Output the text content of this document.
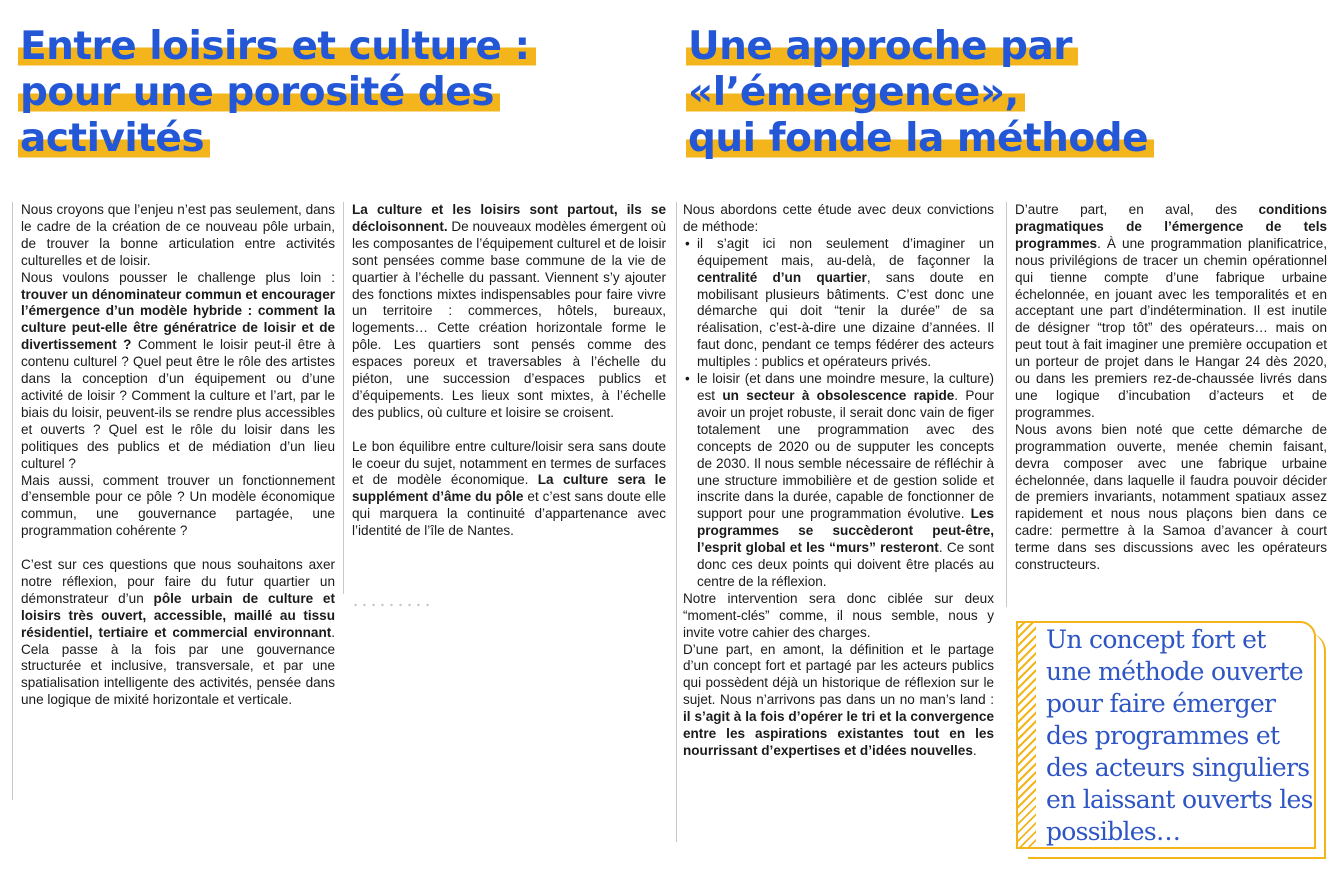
Entre loisirs et culture :
pour une porosité des
activités
Une approche par
«l’émergence»,
qui fonde la méthode

Nous croyons que l’enjeu n’est pas seulement, dans le cadre de la création de ce nouveau pôle urbain, de trouver la bonne articulation entre activités culturelles et de loisir.

Nous voulons pousser le challenge plus loin : trouver un dénominateur commun et encourager l’émergence d’un modèle hybride : comment la culture peut-elle être génératrice de loisir et de divertissement ? Comment le loisir peut-il être à contenu culturel ? Quel peut être le rôle des artistes dans la conception d’un équipement ou d’une activité de loisir ? Comment la culture et l’art, par le biais du loisir, peuvent-ils se rendre plus accessibles et ouverts ? Quel est le rôle du loisir dans les politiques des publics et de médiation d’un lieu culturel ?

Mais aussi, comment trouver un fonctionnement d’ensemble pour ce pôle ? Un modèle économique commun, une gouvernance partagée, une programmation cohérente ?

C’est sur ces questions que nous souhaitons axer notre réflexion, pour faire du futur quartier un démonstrateur d’un pôle urbain de culture et loisirs très ouvert, accessible, maillé au tissu résidentiel, tertiaire et commercial environnant. Cela passe à la fois par une gouvernance structurée et inclusive, transversale, et par une spatialisation intelligente des activités, pensée dans une logique de mixité horizontale et verticale.

La culture et les loisirs sont partout, ils se décloisonnent. De nouveaux modèles émergent où les composantes de l’équipement culturel et de loisir sont pensées comme base commune de la vie de quartier à l’échelle du passant. Viennent s’y ajouter des fonctions mixtes indispensables pour faire vivre un territoire : commerces, hôtels, bureaux, logements… Cette création horizontale forme le pôle. Les quartiers sont pensés comme des espaces poreux et traversables à l’échelle du piéton, une succession d’espaces publics et d’équipements. Les lieux sont mixtes, à l’échelle des publics, où culture et loisire se croisent.

Le bon équilibre entre culture/loisir sera sans doute le coeur du sujet, notamment en termes de surfaces et de modèle économique. La culture sera le supplément d’âme du pôle et c’est sans doute elle qui marquera la continuité d’appartenance avec l’identité de l’île de Nantes.

Nous abordons cette étude avec deux convictions de méthode:

• il s’agit ici non seulement d’imaginer un équipement mais, au-delà, de façonner la centralité d’un quartier, sans doute en mobilisant plusieurs bâtiments. C’est donc une démarche qui doit “tenir la durée” de sa réalisation, c’est-à-dire une dizaine d’années. Il faut donc, pendant ce temps fédérer des acteurs multiples : publics et opérateurs privés.
• le loisir (et dans une moindre mesure, la culture) est un secteur à obsolescence rapide. Pour avoir un projet robuste, il serait donc vain de figer totalement une programmation avec des concepts de 2020 ou de supputer les concepts de 2030. Il nous semble nécessaire de réfléchir à une structure immobilière et de gestion solide et inscrite dans la durée, capable de fonctionner de support pour une programmation évolutive. Les programmes se succèderont peut-être, l’esprit global et les “murs” resteront. Ce sont donc ces deux points qui doivent être placés au centre de la réflexion.

Notre intervention sera donc ciblée sur deux “moment-clés” comme, il nous semble, nous y invite votre cahier des charges.

D’une part, en amont, la définition et le partage d’un concept fort et partagé par les acteurs publics qui possèdent déjà un historique de réflexion sur le sujet. Nous n’arrivons pas dans un no man’s land : il s’agit à la fois d’opérer le tri et la convergence entre les aspirations existantes tout en les nourrissant d’expertises et d’idées nouvelles.

D’autre part, en aval, des conditions pragmatiques de l’émergence de tels programmes. À une programmation planificatrice, nous privilégions de tracer un chemin opérationnel qui tienne compte d’une fabrique urbaine échelonnée, en jouant avec les temporalités et en acceptant une part d’indétermination. Il est inutile de désigner “trop tôt” des opérateurs… mais on peut tout à fait imaginer une première occupation et un porteur de projet dans le Hangar 24 dès 2020, ou dans les premiers rez-de-chaussée livrés dans une logique d’incubation d’acteurs et de programmes.

Nous avons bien noté que cette démarche de programmation ouverte, menée chemin faisant, devra composer avec une fabrique urbaine échelonnée, dans laquelle il faudra pouvoir décider de premiers invariants, notamment spatiaux assez rapidement et nous nous plaçons bien dans ce cadre: permettre à la Samoa d’avancer à court terme dans ses discussions avec les opérateurs constructeurs.

Un concept fort et une méthode ouverte pour faire émerger des programmes et des acteurs singuliers en laissant ouverts les possibles…
